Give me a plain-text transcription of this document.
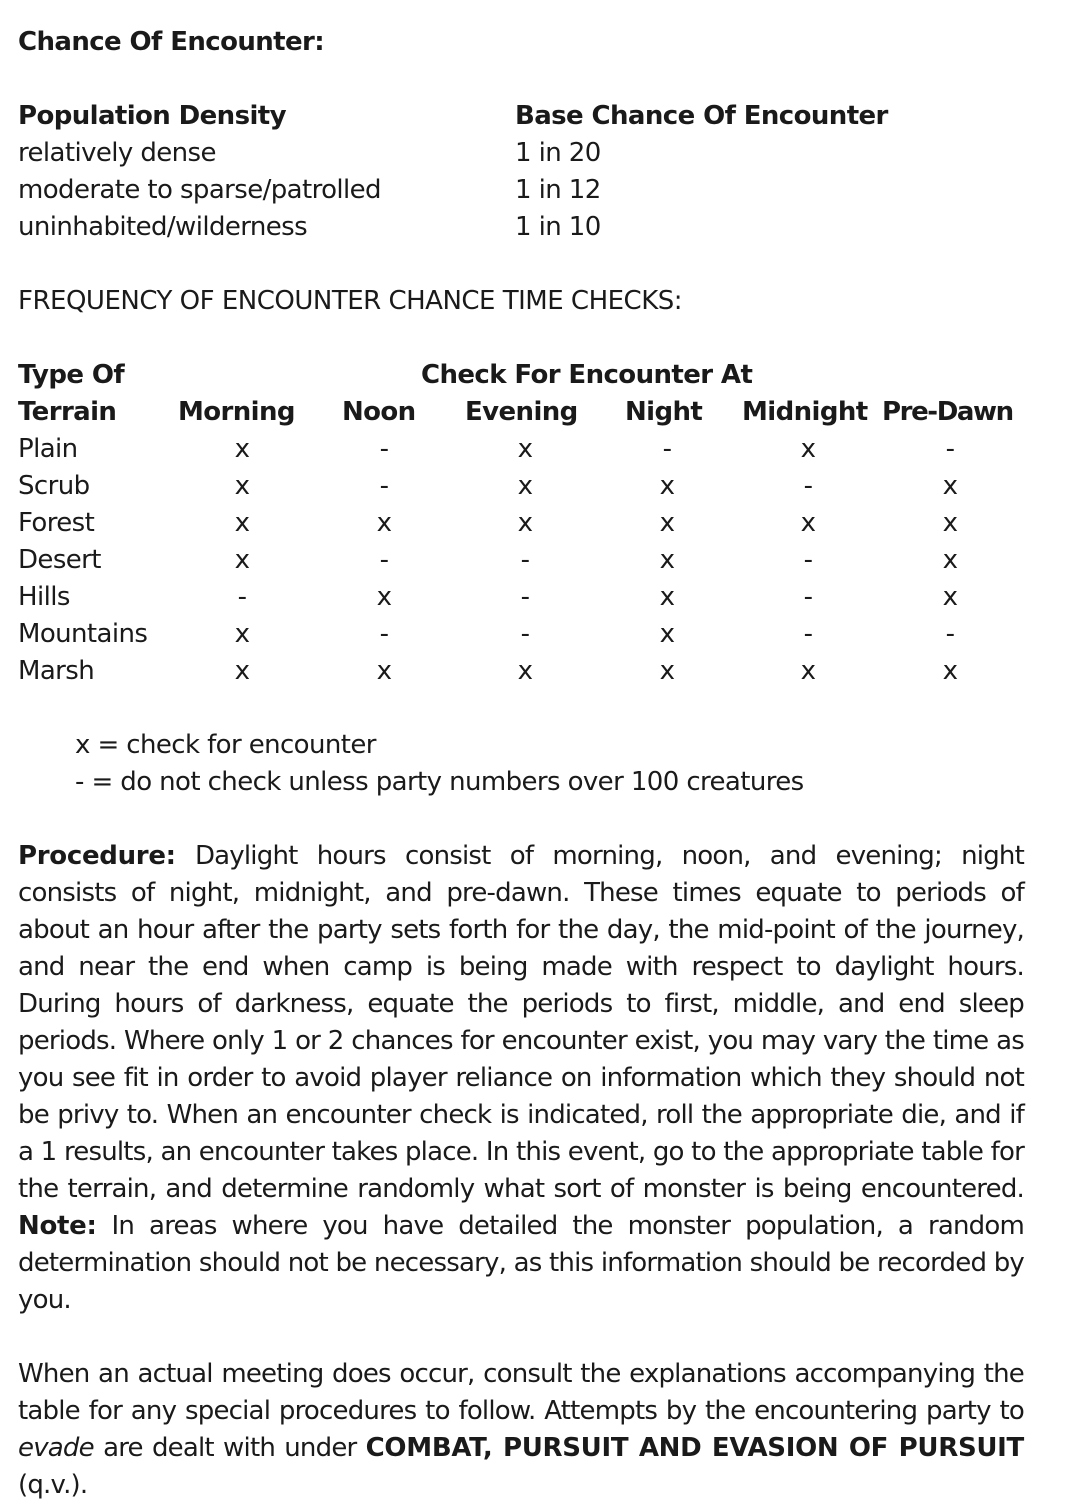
Chance Of Encounter:
Population Density	Base Chance Of Encounter
relatively dense	1 in 20
moderate to sparse/patrolled	1 in 12
uninhabited/wilderness	1 in 10
FREQUENCY OF ENCOUNTER CHANCE TIME CHECKS:
Type Of	Check For Encounter At
Terrain Morning Noon Evening Night Midnight Pre-Dawn
Plain	x	-	x	-	x	-
Scrub	x	-	x	x	-	x
Forest	x	x	x	x	x	x
Desert	x	-	-	x	-	x
Hills	-	x	-	x	-	x
Mountains	x	-	-	x	-	-
Marsh	x	x	x	x	x	x
x = check for encounter
- = do not check unless party numbers over 100 creatures
Procedure: Daylight hours consist of morning, noon, and evening; night consists of night, midnight, and pre-dawn. These times equate to periods of about an hour after the party sets forth for the day, the mid-point of the journey, and near the end when camp is being made with respect to daylight hours. During hours of darkness, equate the periods to first, middle, and end sleep periods. Where only 1 or 2 chances for encounter exist, you may vary the time as you see fit in order to avoid player reliance on information which they should not be privy to. When an encounter check is indicated, roll the appropriate die, and if a 1 results, an encounter takes place. In this event, go to the appropriate table for the terrain, and determine randomly what sort of monster is being encountered. Note: In areas where you have detailed the monster population, a random determination should not be necessary, as this information should be recorded by you.
When an actual meeting does occur, consult the explanations accompanying the table for any special procedures to follow. Attempts by the encountering party to evade are dealt with under COMBAT, PURSUIT AND EVASION OF PURSUIT (q.v.).
